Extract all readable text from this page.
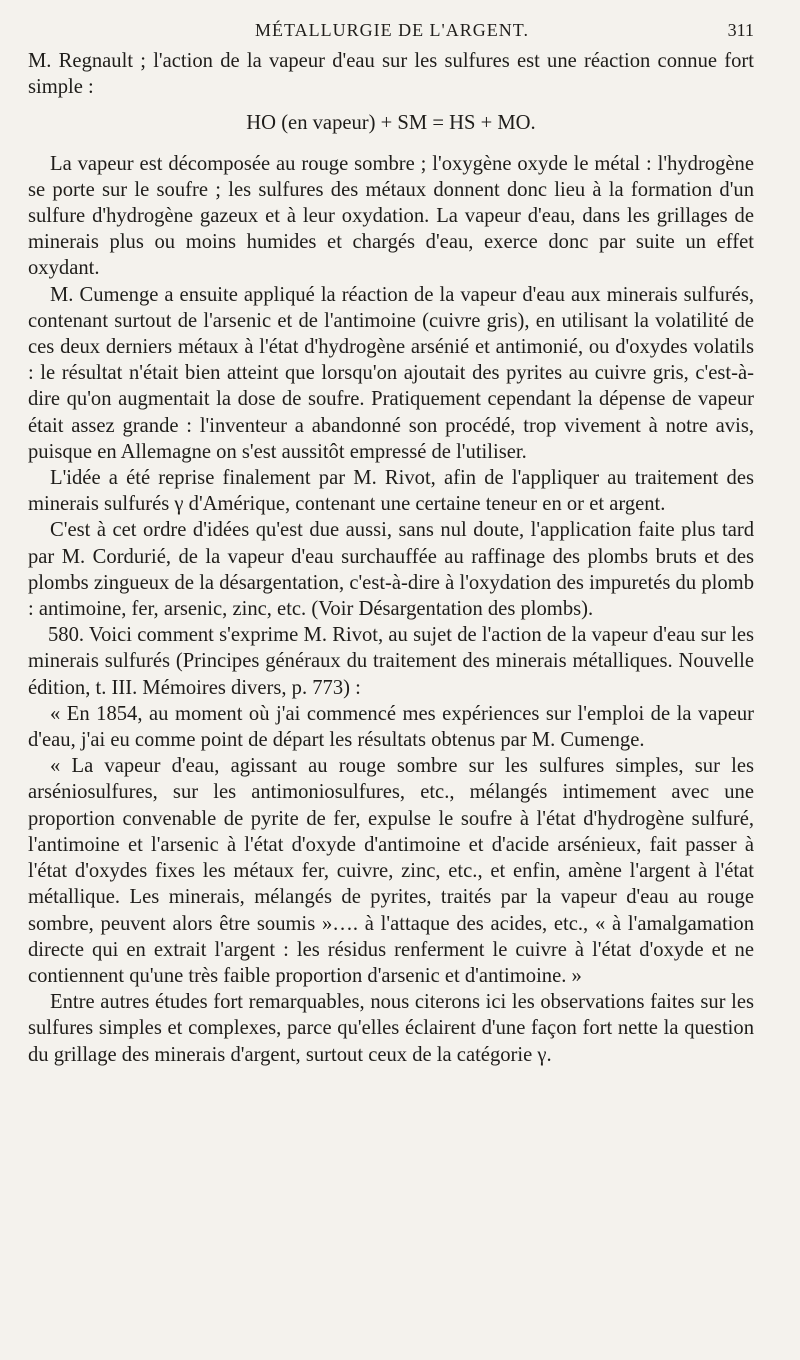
MÉTALLURGIE DE L'ARGENT.	311

M. Regnault ; l'action de la vapeur d'eau sur les sulfures est une réaction connue fort simple :

HO (en vapeur) + SM = HS + MO.

La vapeur est décomposée au rouge sombre ; l'oxygène oxyde le métal : l'hydrogène se porte sur le soufre ; les sulfures des métaux donnent donc lieu à la formation d'un sulfure d'hydrogène gazeux et à leur oxydation. La vapeur d'eau, dans les grillages de minerais plus ou moins humides et chargés d'eau, exerce donc par suite un effet oxydant.

M. Cumenge a ensuite appliqué la réaction de la vapeur d'eau aux minerais sulfurés, contenant surtout de l'arsenic et de l'antimoine (cuivre gris), en utilisant la volatilité de ces deux derniers métaux à l'état d'hydrogène arsénié et antimonié, ou d'oxydes volatils : le résultat n'était bien atteint que lorsqu'on ajoutait des pyrites au cuivre gris, c'est-à-dire qu'on augmentait la dose de soufre. Pratiquement cependant la dépense de vapeur était assez grande : l'inventeur a abandonné son procédé, trop vivement à notre avis, puisque en Allemagne on s'est aussitôt empressé de l'utiliser.

L'idée a été reprise finalement par M. Rivot, afin de l'appliquer au traitement des minerais sulfurés γ d'Amérique, contenant une certaine teneur en or et argent.

C'est à cet ordre d'idées qu'est due aussi, sans nul doute, l'application faite plus tard par M. Cordurié, de la vapeur d'eau surchauffée au raffinage des plombs bruts et des plombs zingueux de la désargentation, c'est-à-dire à l'oxydation des impuretés du plomb : antimoine, fer, arsenic, zinc, etc. (Voir Désargentation des plombs).

580. Voici comment s'exprime M. Rivot, au sujet de l'action de la vapeur d'eau sur les minerais sulfurés (Principes généraux du traitement des minerais métalliques. Nouvelle édition, t. III. Mémoires divers, p. 773) :

« En 1854, au moment où j'ai commencé mes expériences sur l'emploi de la vapeur d'eau, j'ai eu comme point de départ les résultats obtenus par M. Cumenge.

« La vapeur d'eau, agissant au rouge sombre sur les sulfures simples, sur les arséniosulfures, sur les antimoniosulfures, etc., mélangés intimement avec une proportion convenable de pyrite de fer, expulse le soufre à l'état d'hydrogène sulfuré, l'antimoine et l'arsenic à l'état d'oxyde d'antimoine et d'acide arsénieux, fait passer à l'état d'oxydes fixes les métaux fer, cuivre, zinc, etc., et enfin, amène l'argent à l'état métallique. Les minerais, mélangés de pyrites, traités par la vapeur d'eau au rouge sombre, peuvent alors être soumis »…. à l'attaque des acides, etc., « à l'amalgamation directe qui en extrait l'argent : les résidus renferment le cuivre à l'état d'oxyde et ne contiennent qu'une très faible proportion d'arsenic et d'antimoine. »

Entre autres études fort remarquables, nous citerons ici les observations faites sur les sulfures simples et complexes, parce qu'elles éclairent d'une façon fort nette la question du grillage des minerais d'argent, surtout ceux de la catégorie γ.
